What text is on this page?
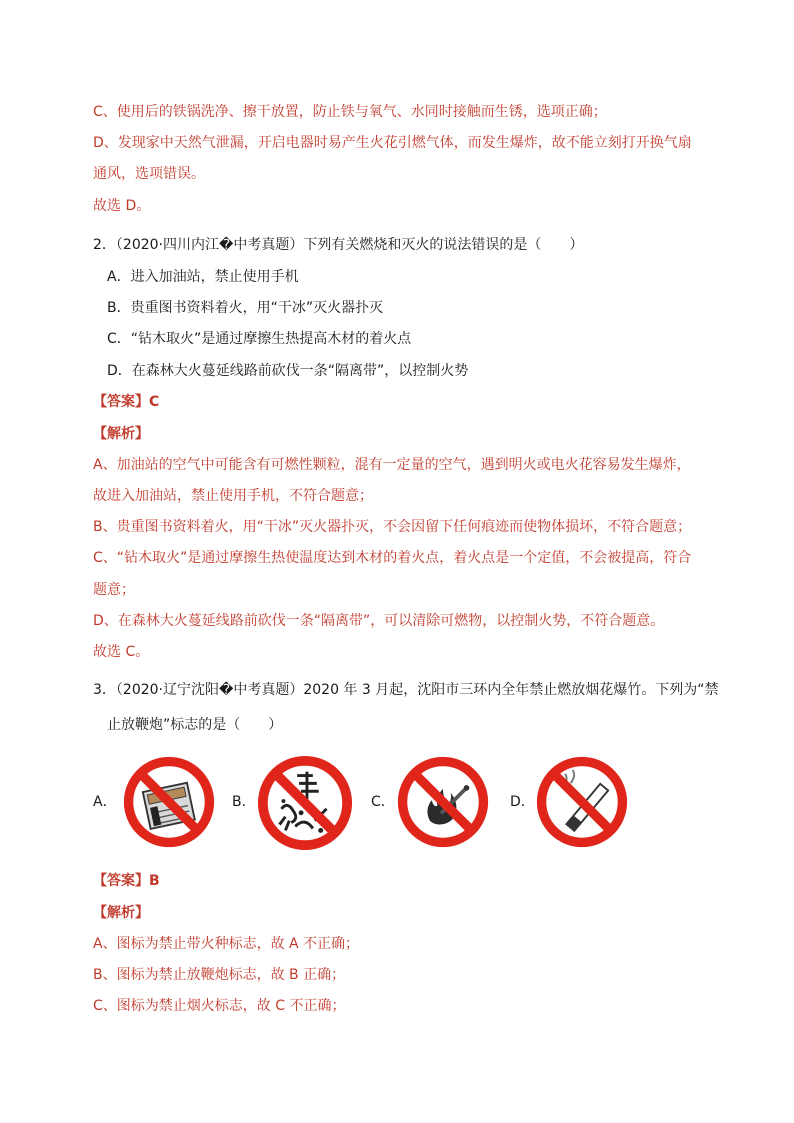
C、使用后的铁锅洗净、擦干放置，防止铁与氧气、水同时接触而生锈，选项正确；
D、发现家中天然气泄漏，开启电器时易产生火花引燃气体，而发生爆炸，故不能立刻打开换气扇
通风，选项错误。
故选 D。
2．（2020·四川内江�中考真题）下列有关燃烧和灭火的说法错误的是（　　）
A．进入加油站，禁止使用手机
B．贵重图书资料着火，用“干冰”灭火器扑灭
C．“钻木取火”是通过摩擦生热提高木材的着火点
D．在森林大火蔓延线路前砍伐一条“隔离带”，以控制火势
【答案】C
【解析】
A、加油站的空气中可能含有可燃性颗粒，混有一定量的空气，遇到明火或电火花容易发生爆炸，
故进入加油站，禁止使用手机，不符合题意；
B、贵重图书资料着火，用“干冰”灭火器扑灭，不会因留下任何痕迹而使物体损坏，不符合题意；
C、“钻木取火”是通过摩擦生热使温度达到木材的着火点，着火点是一个定值，不会被提高，符合
题意；
D、在森林大火蔓延线路前砍伐一条“隔离带”，可以清除可燃物，以控制火势，不符合题意。
故选 C。
3．（2020·辽宁沈阳�中考真题）2020 年 3 月起，沈阳市三环内全年禁止燃放烟花爆竹。下列为“禁
止放鞭炮”标志的是（　　）
A．	B．	C．	D．
【答案】B
【解析】
A、图标为禁止带火种标志，故 A 不正确；
B、图标为禁止放鞭炮标志，故 B 正确；
C、图标为禁止烟火标志，故 C 不正确；
